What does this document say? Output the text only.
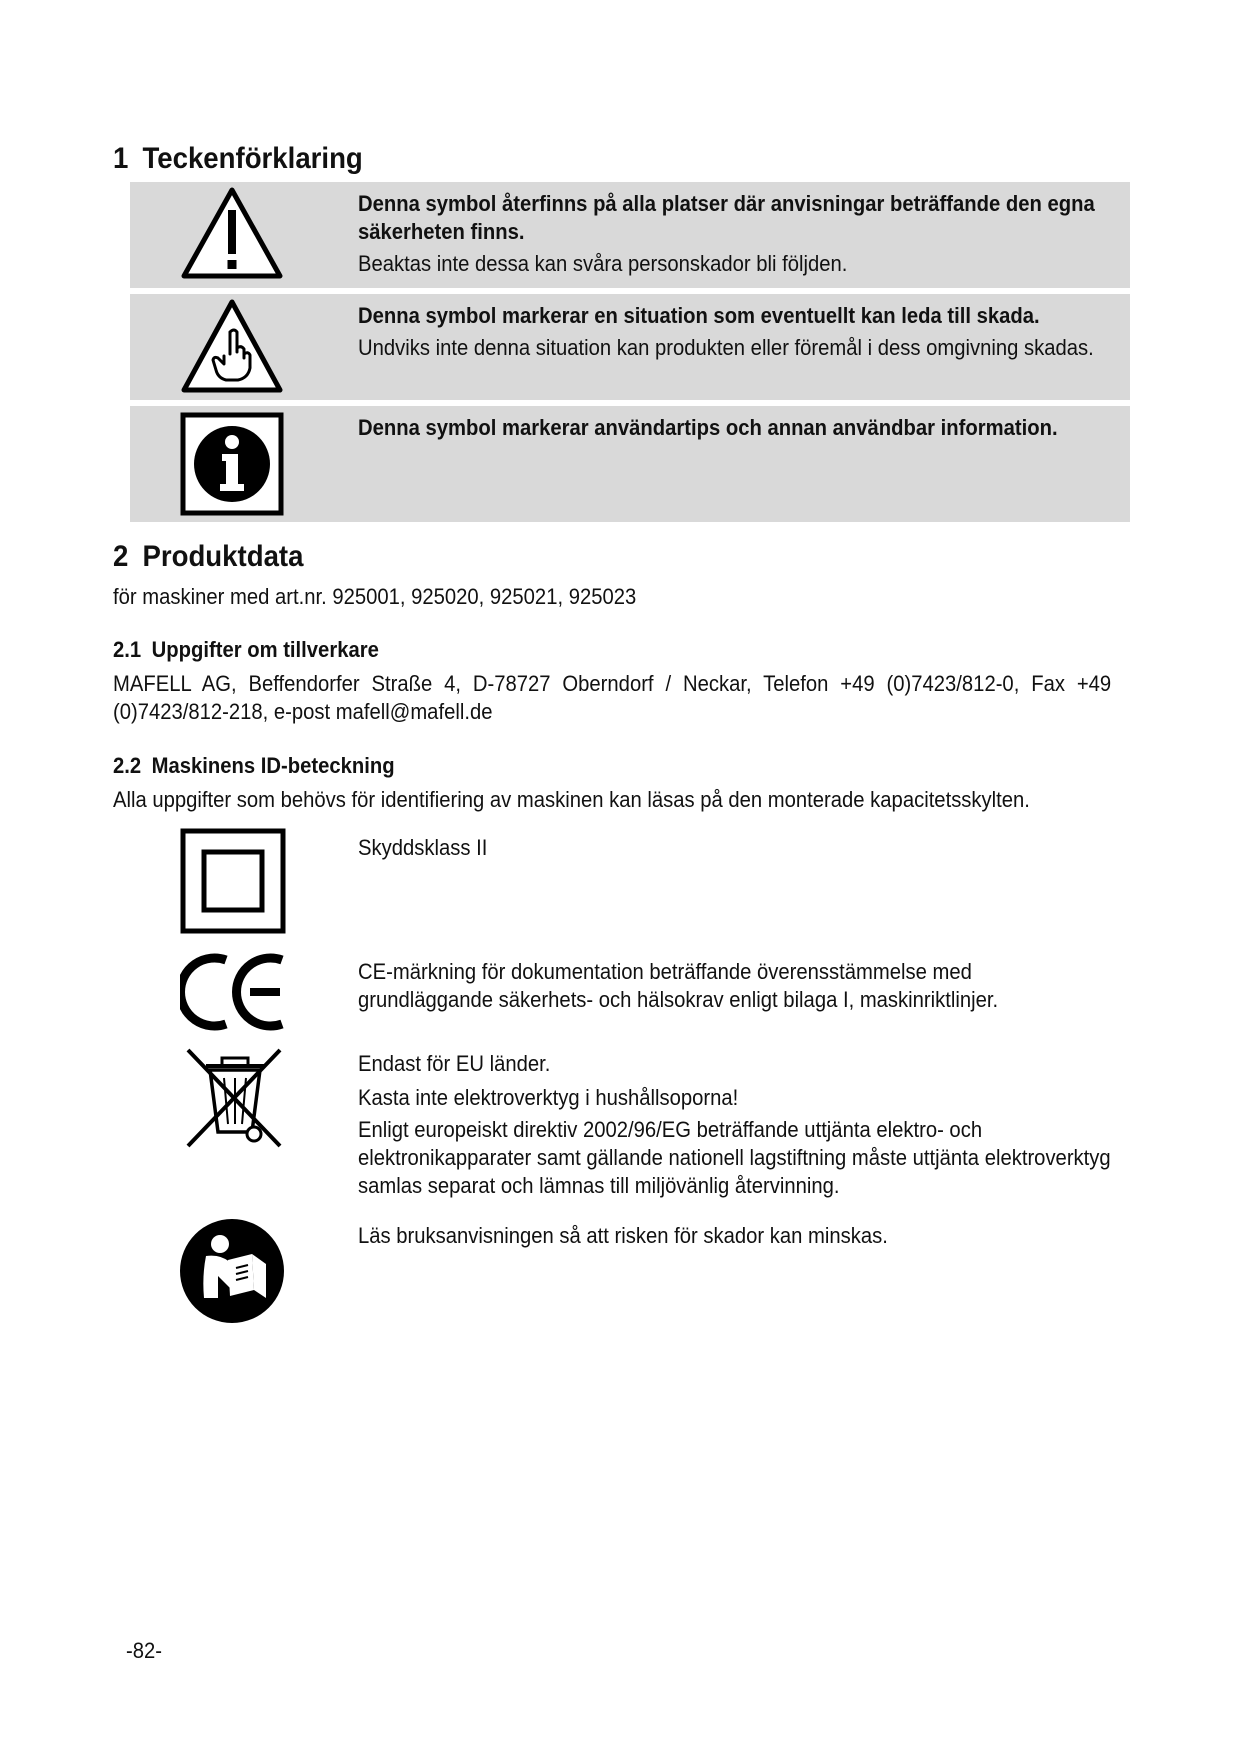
1 Teckenförklaring
Denna symbol återfinns på alla platser där anvisningar beträffande den egna säkerheten finns.
Beaktas inte dessa kan svåra personskador bli följden.
Denna symbol markerar en situation som eventuellt kan leda till skada.
Undviks inte denna situation kan produkten eller föremål i dess omgivning skadas.
Denna symbol markerar användartips och annan användbar information.
2 Produktdata

för maskiner med art.nr. 925001, 925020, 925021, 925023

2.1 Uppgifter om tillverkare

MAFELL AG, Beffendorfer Straße 4, D-78727 Oberndorf / Neckar, Telefon +49 (0)7423/812-0, Fax +49 (0)7423/812-218, e-post mafell@mafell.de

2.2 Maskinens ID-beteckning

Alla uppgifter som behövs för identifiering av maskinen kan läsas på den monterade kapacitetsskylten.

Skyddsklass II
CE-märkning för dokumentation beträffande överensstämmelse med
grundläggande säkerhets- och hälsokrav enligt bilaga I, maskinriktlinjer.
Endast för EU länder.
Kasta inte elektroverktyg i hushållsoporna!
Enligt europeiskt direktiv 2002/96/EG beträffande uttjänta elektro- och
elektronikapparater samt gällande nationell lagstiftning måste uttjänta elektroverktyg
samlas separat och lämnas till miljövänlig återvinning.
Läs bruksanvisningen så att risken för skador kan minskas.
-82-
